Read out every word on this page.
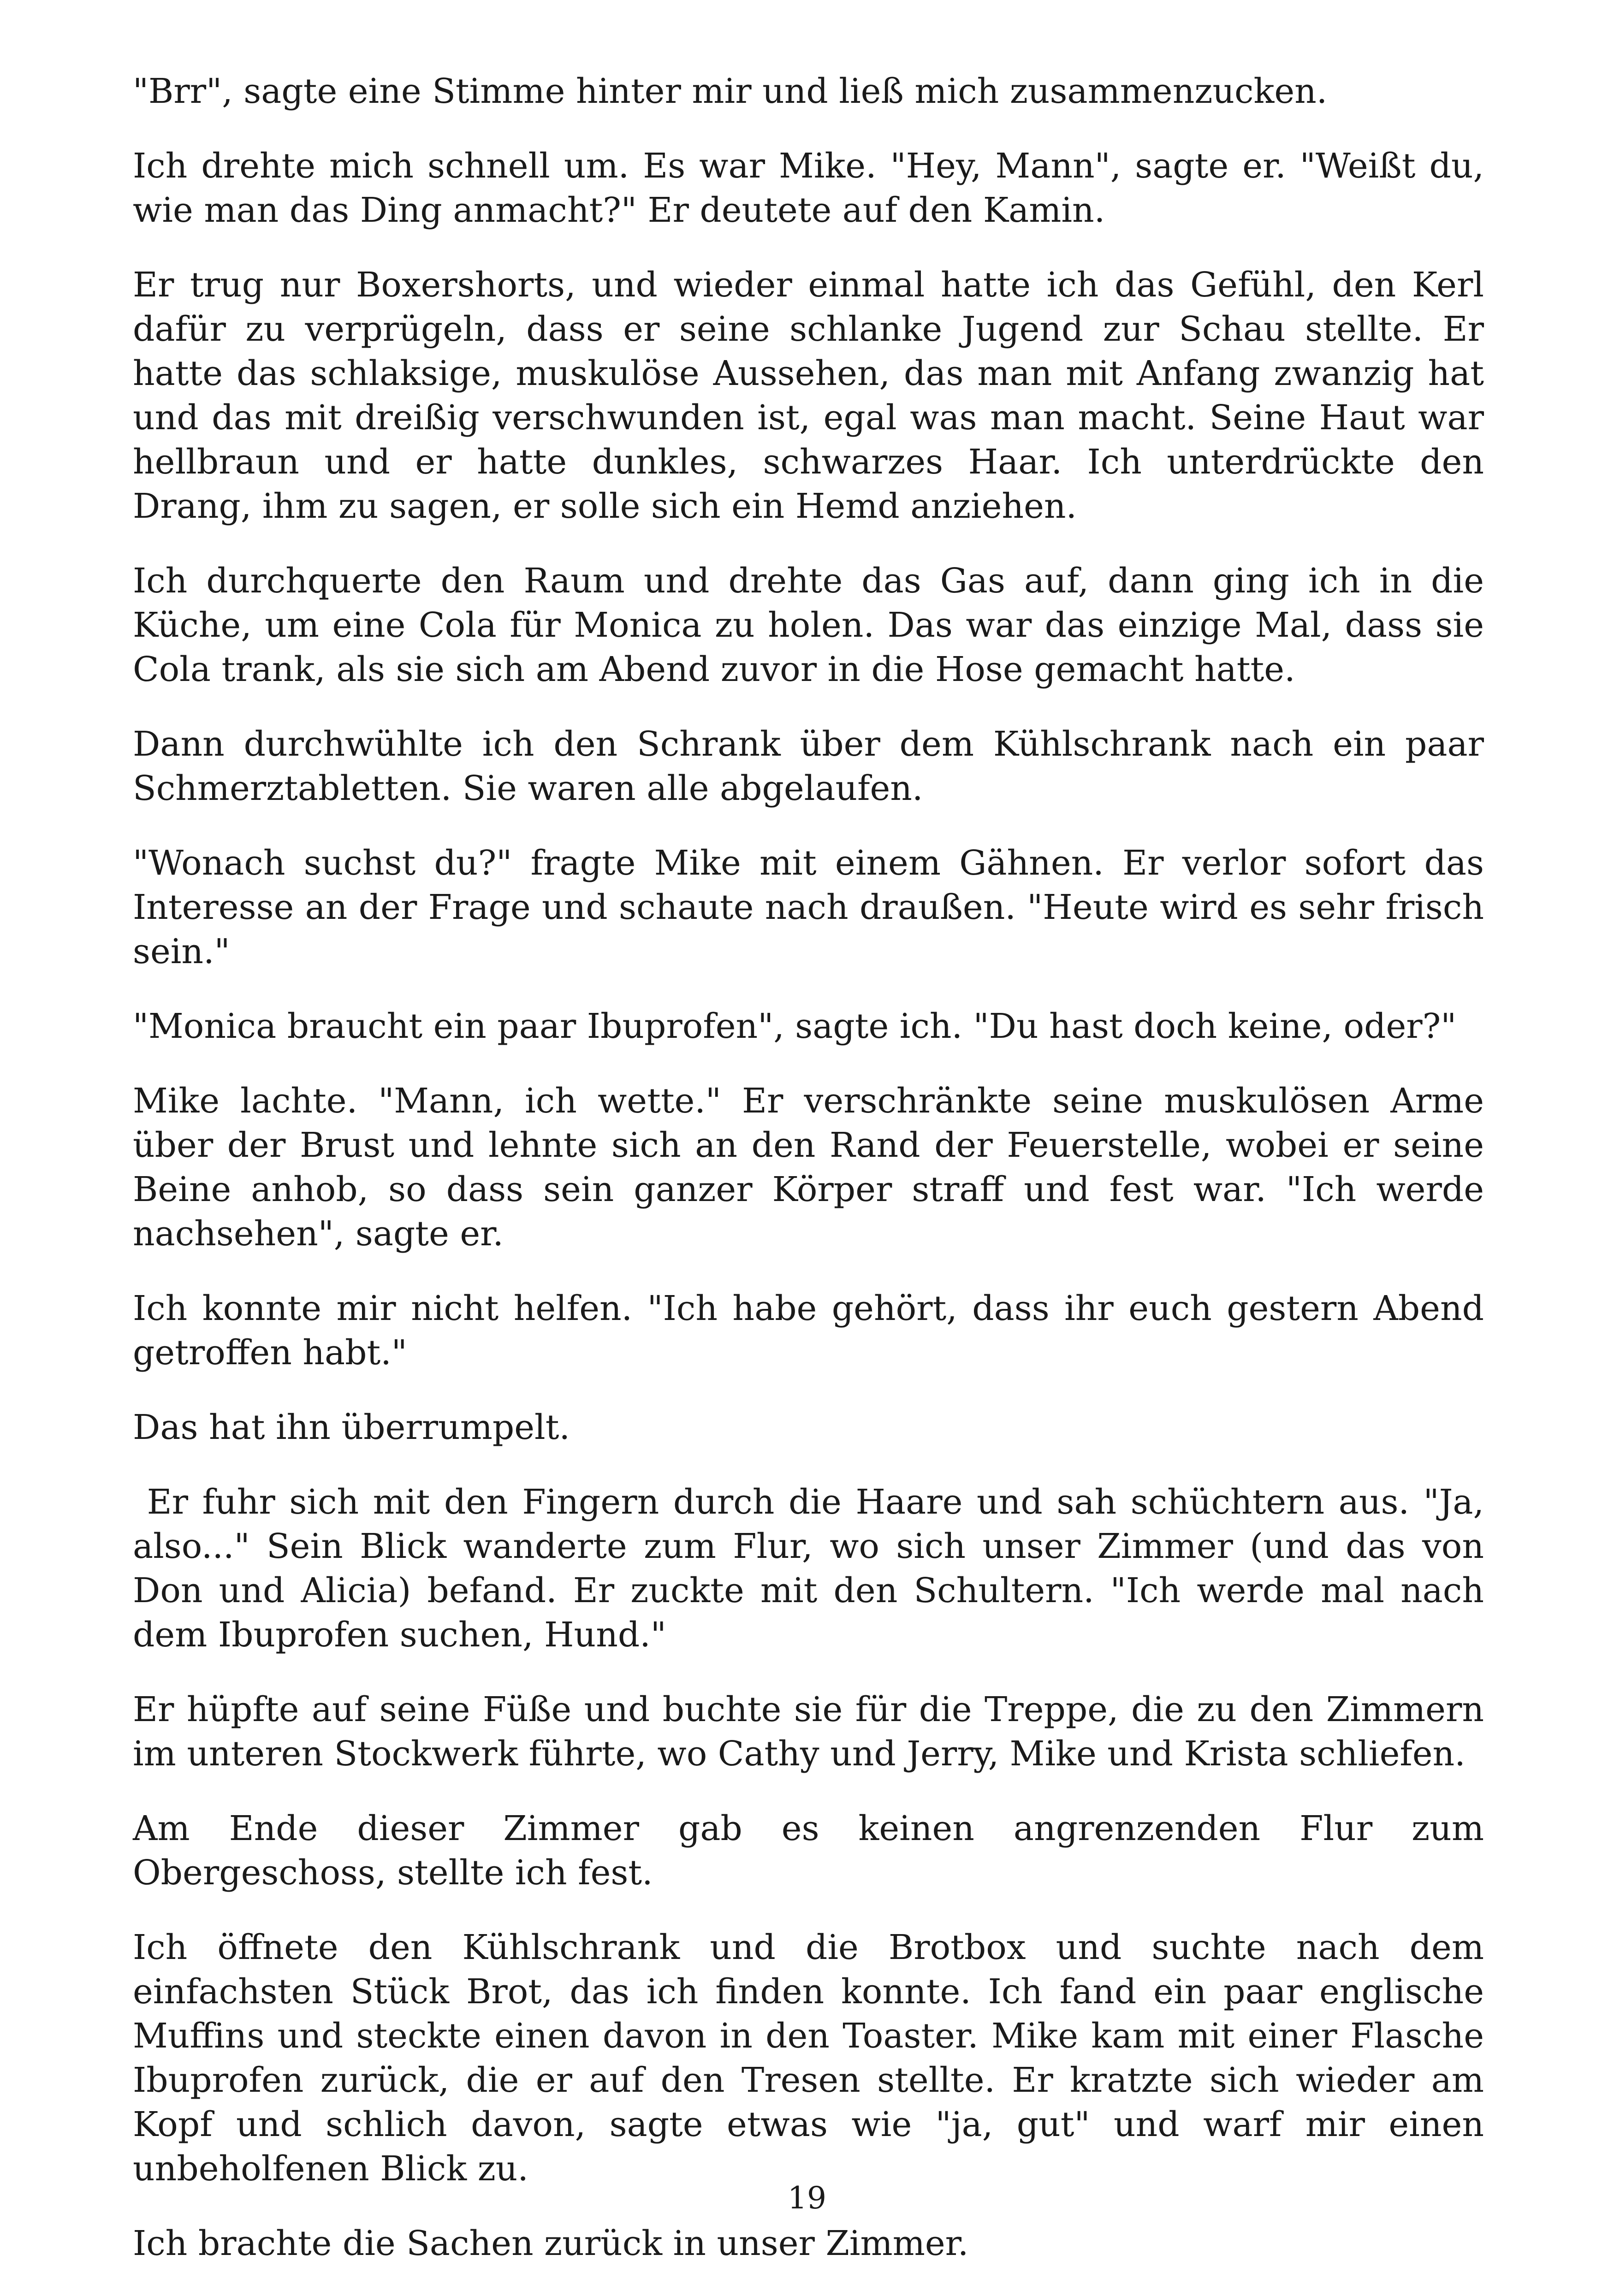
"Brr", sagte eine Stimme hinter mir und ließ mich zusammenzucken.

Ich drehte mich schnell um. Es war Mike. "Hey, Mann", sagte er. "Weißt du, wie man das Ding anmacht?" Er deutete auf den Kamin.

Er trug nur Boxershorts, und wieder einmal hatte ich das Gefühl, den Kerl dafür zu verprügeln, dass er seine schlanke Jugend zur Schau stellte. Er hatte das schlaksige, muskulöse Aussehen, das man mit Anfang zwanzig hat und das mit dreißig verschwunden ist, egal was man macht. Seine Haut war hellbraun und er hatte dunkles, schwarzes Haar. Ich unterdrückte den Drang, ihm zu sagen, er solle sich ein Hemd anziehen.

Ich durchquerte den Raum und drehte das Gas auf, dann ging ich in die Küche, um eine Cola für Monica zu holen. Das war das einzige Mal, dass sie Cola trank, als sie sich am Abend zuvor in die Hose gemacht hatte.

Dann durchwühlte ich den Schrank über dem Kühlschrank nach ein paar Schmerztabletten. Sie waren alle abgelaufen.

"Wonach suchst du?" fragte Mike mit einem Gähnen. Er verlor sofort das Interesse an der Frage und schaute nach draußen. "Heute wird es sehr frisch sein."

"Monica braucht ein paar Ibuprofen", sagte ich. "Du hast doch keine, oder?"

Mike lachte. "Mann, ich wette." Er verschränkte seine muskulösen Arme über der Brust und lehnte sich an den Rand der Feuerstelle, wobei er seine Beine anhob, so dass sein ganzer Körper straff und fest war. "Ich werde nachsehen", sagte er.

Ich konnte mir nicht helfen. "Ich habe gehört, dass ihr euch gestern Abend getroffen habt."

Das hat ihn überrumpelt.

Er fuhr sich mit den Fingern durch die Haare und sah schüchtern aus. "Ja, also..." Sein Blick wanderte zum Flur, wo sich unser Zimmer (und das von Don und Alicia) befand. Er zuckte mit den Schultern. "Ich werde mal nach dem Ibuprofen suchen, Hund."

Er hüpfte auf seine Füße und buchte sie für die Treppe, die zu den Zimmern im unteren Stockwerk führte, wo Cathy und Jerry, Mike und Krista schliefen.

Am Ende dieser Zimmer gab es keinen angrenzenden Flur zum Obergeschoss, stellte ich fest.

Ich öffnete den Kühlschrank und die Brotbox und suchte nach dem einfachsten Stück Brot, das ich finden konnte. Ich fand ein paar englische Muffins und steckte einen davon in den Toaster. Mike kam mit einer Flasche Ibuprofen zurück, die er auf den Tresen stellte. Er kratzte sich wieder am Kopf und schlich davon, sagte etwas wie "ja, gut" und warf mir einen unbeholfenen Blick zu.

Ich brachte die Sachen zurück in unser Zimmer.

19
